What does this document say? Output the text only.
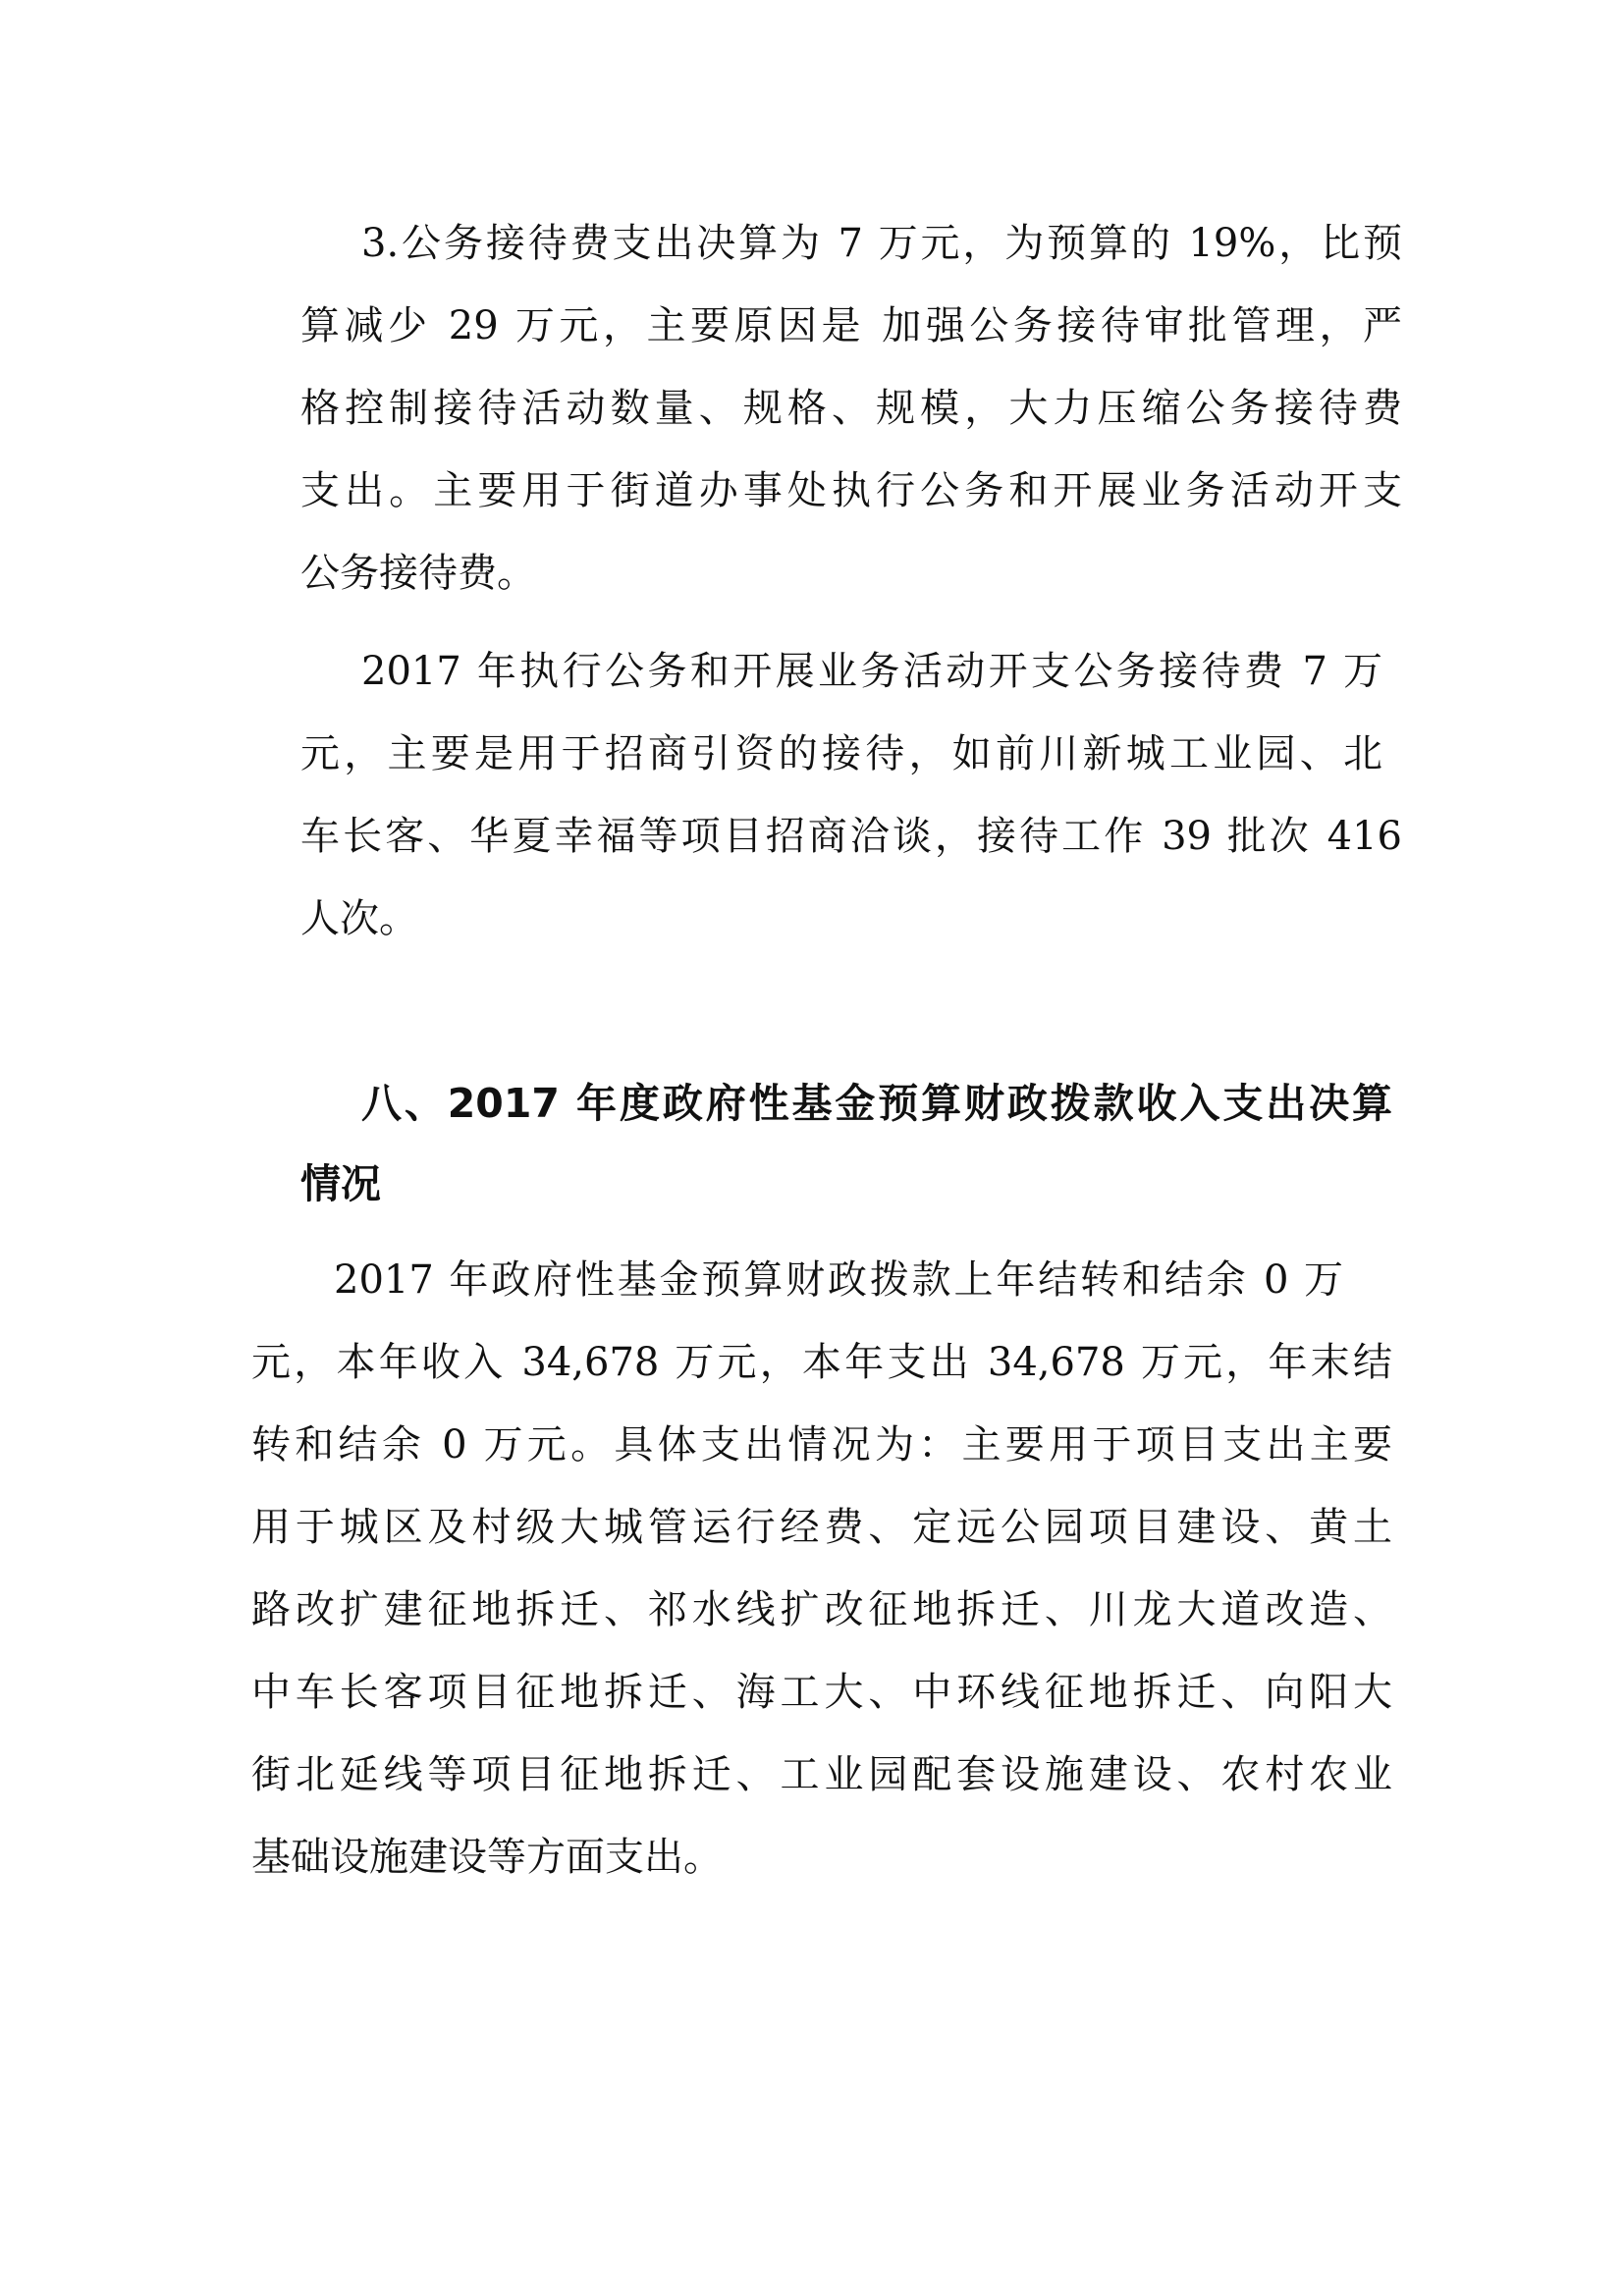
3.公务接待费支出决算为 7 万元，为预算的 19%，比预

算减少 29 万元，主要原因是 加强公务接待审批管理，严

格控制接待活动数量、规格、规模，大力压缩公务接待费

支出。主要用于街道办事处执行公务和开展业务活动开支

公务接待费。

2017 年执行公务和开展业务活动开支公务接待费 7 万

元，主要是用于招商引资的接待，如前川新城工业园、北

车长客、华夏幸福等项目招商洽谈，接待工作 39 批次 416

人次。

八、2017 年度政府性基金预算财政拨款收入支出决算

情况

2017 年政府性基金预算财政拨款上年结转和结余 0 万

元，本年收入 34,678 万元，本年支出 34,678 万元，年末结

转和结余 0 万元。具体支出情况为：主要用于项目支出主要

用于城区及村级大城管运行经费、定远公园项目建设、黄土

路改扩建征地拆迁、祁水线扩改征地拆迁、川龙大道改造、

中车长客项目征地拆迁、海工大、中环线征地拆迁、向阳大

街北延线等项目征地拆迁、工业园配套设施建设、农村农业

基础设施建设等方面支出。
